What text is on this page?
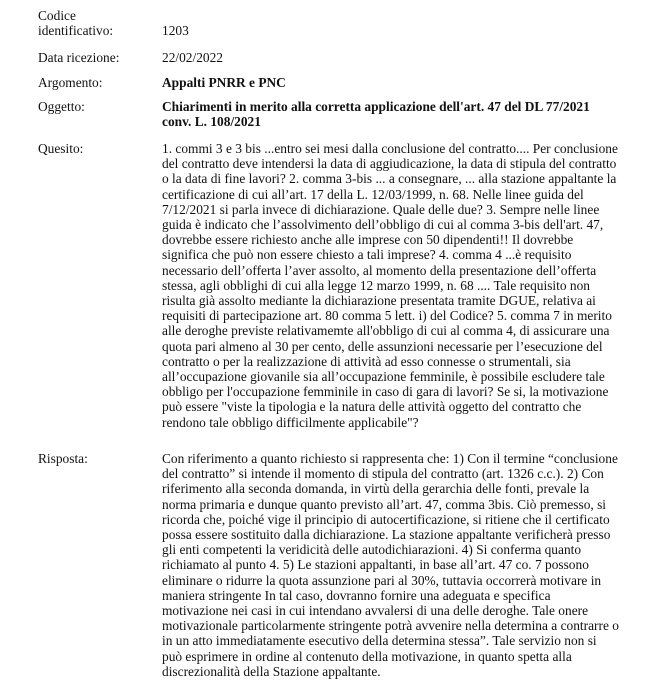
Codice
identificativo:	1203
Data ricezione:	22/02/2022
Argomento:	Appalti PNRR e PNC
Oggetto:	Chiarimenti in merito alla corretta applicazione dell'art. 47 del DL 77/2021
conv. L. 108/2021
Quesito:	1. commi 3 e 3 bis ...entro sei mesi dalla conclusione del contratto.... Per conclusione
del contratto deve intendersi la data di aggiudicazione, la data di stipula del contratto
o la data di fine lavori? 2. comma 3-bis ... a consegnare, ... alla stazione appaltante la
certificazione di cui all’art. 17 della L. 12/03/1999, n. 68. Nelle linee guida del
7/12/2021 si parla invece di dichiarazione. Quale delle due? 3. Sempre nelle linee
guida è indicato che l’assolvimento dell’obbligo di cui al comma 3-bis dell'art. 47,
dovrebbe essere richiesto anche alle imprese con 50 dipendenti!! Il dovrebbe
significa che può non essere chiesto a tali imprese? 4. comma 4 ...è requisito
necessario dell’offerta l’aver assolto, al momento della presentazione dell’offerta
stessa, agli obblighi di cui alla legge 12 marzo 1999, n. 68 .... Tale requisito non
risulta già assolto mediante la dichiarazione presentata tramite DGUE, relativa ai
requisiti di partecipazione art. 80 comma 5 lett. i) del Codice? 5. comma 7 in merito
alle deroghe previste relativamemte all'obbligo di cui al comma 4, di assicurare una
quota pari almeno al 30 per cento, delle assunzioni necessarie per l’esecuzione del
contratto o per la realizzazione di attività ad esso connesse o strumentali, sia
all’occupazione giovanile sia all’occupazione femminile, è possibile escludere tale
obbligo per l'occupazione femminile in caso di gara di lavori? Se si, la motivazione
può essere "viste la tipologia e la natura delle attività oggetto del contratto che
rendono tale obbligo difficilmente applicabile"?
Risposta:	Con riferimento a quanto richiesto si rappresenta che: 1) Con il termine “conclusione
del contratto” si intende il momento di stipula del contratto (art. 1326 c.c.). 2) Con
riferimento alla seconda domanda, in virtù della gerarchia delle fonti, prevale la
norma primaria e dunque quanto previsto all’art. 47, comma 3bis. Ciò premesso, si
ricorda che, poiché vige il principio di autocertificazione, si ritiene che il certificato
possa essere sostituito dalla dichiarazione. La stazione appaltante verificherà presso
gli enti competenti la veridicità delle autodichiarazioni. 4) Si conferma quanto
richiamato al punto 4. 5) Le stazioni appaltanti, in base all’art. 47 co. 7 possono
eliminare o ridurre la quota assunzione pari al 30%, tuttavia occorrerà motivare in
maniera stringente In tal caso, dovranno fornire una adeguata e specifica
motivazione nei casi in cui intendano avvalersi di una delle deroghe. Tale onere
motivazionale particolarmente stringente potrà avvenire nella determina a contrarre o
in un atto immediatamente esecutivo della determina stessa”. Tale servizio non si
può esprimere in ordine al contenuto della motivazione, in quanto spetta alla
discrezionalità della Stazione appaltante.
